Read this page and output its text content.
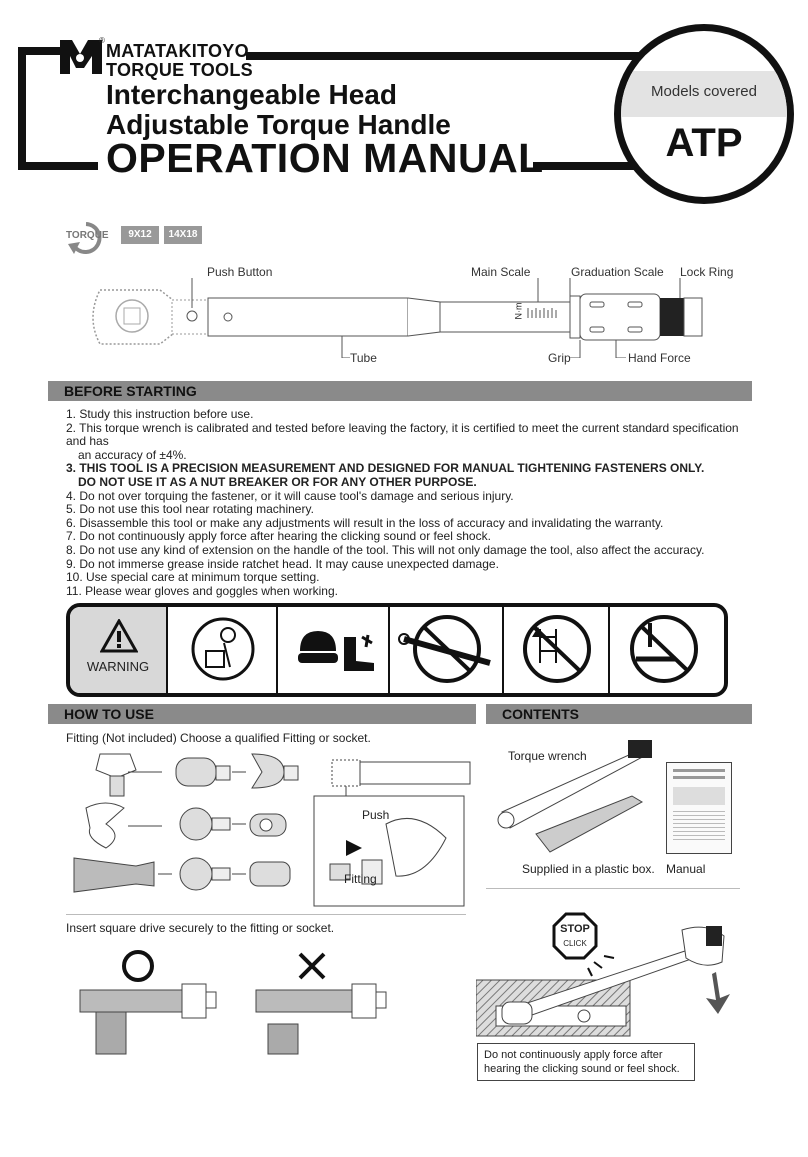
®
MATATAKITOYO
TORQUE TOOLS
Interchangeable Head
Adjustable Torque Handle
OPERATION MANUAL
Models covered
ATP
TORQUE	9X12	14X18
Push Button	Main Scale	Graduation Scale Lock Ring
Tube	Grip	Hand Force
N·m
BEFORE STARTING
1. Study this instruction before use.
2. This torque wrench is calibrated and tested before leaving the factory, it is certified to meet the current standard specification and has
an accuracy of ±4%.
3. THIS TOOL IS A PRECISION MEASUREMENT AND DESIGNED FOR MANUAL TIGHTENING FASTENERS ONLY.
DO NOT USE IT AS A NUT BREAKER OR FOR ANY OTHER PURPOSE.
4. Do not over torquing the fastener, or it will cause tool's damage and serious injury.
5. Do not use this tool near rotating machinery.
6. Disassemble this tool or make any adjustments will result in the loss of accuracy and invalidating the warranty.
7. Do not continuously apply force after hearing the clicking sound or feel shock.
8. Do not use any kind of extension on the handle of the tool. This will not only damage the tool, also affect the accuracy.
9. Do not immerse grease inside ratchet head. It may cause unexpected damage.
10. Use special care at minimum torque setting.
11. Please wear gloves and goggles when working.
WARNING
HOW TO USE
Fitting (Not included) Choose a qualified Fitting or socket.
Push
Fitting
Insert square drive securely to the fitting or socket.
CONTENTS
Torque wrench
Supplied in a plastic box. Manual
STOP
CLICK
Do not continuously apply force after
hearing the clicking sound or feel shock.
